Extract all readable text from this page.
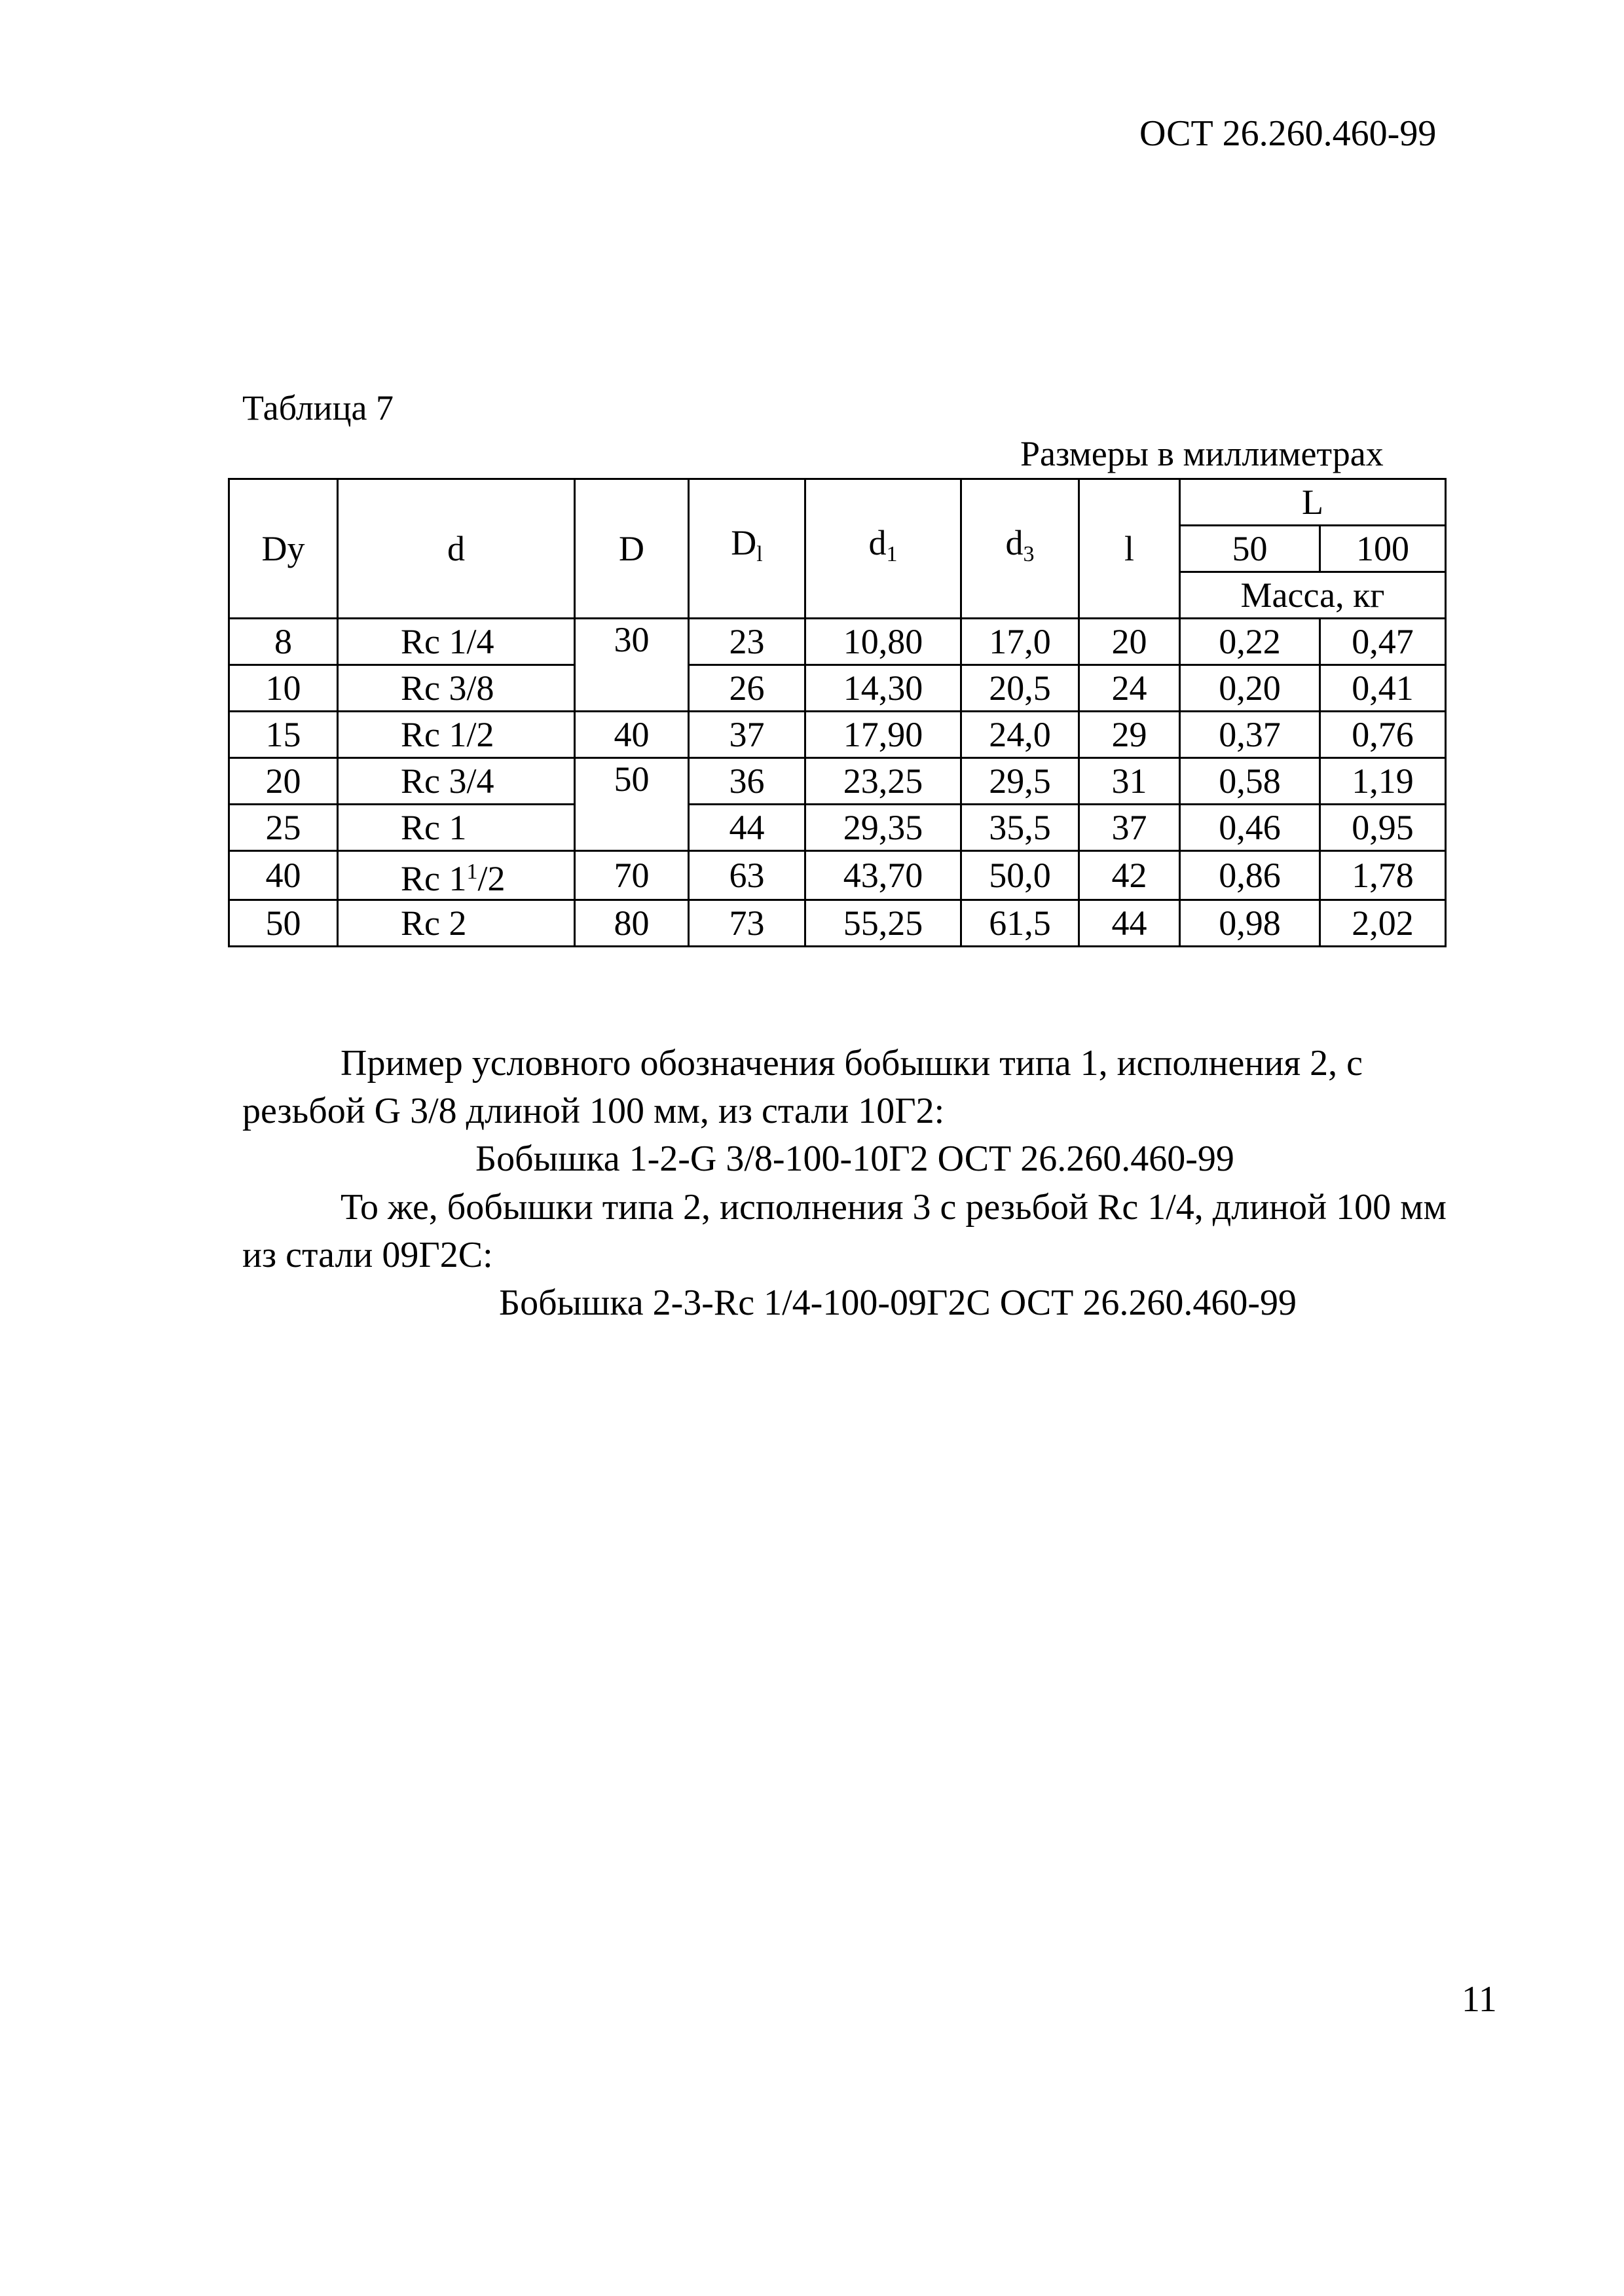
ОСТ 26.260.460-99
Таблица 7
Размеры в миллиметрах
Dy	d	D	$D_l$	$d_1$	$d_3$	l	L	
							50	100
							Масса, кг	
8	Rc 1/4	30	23	10,80	17,0	20	0,22	0,47
10	Rc 3/8		26	14,30	20,5	24	0,20	0,41
15	Rc 1/2	40	37	17,90	24,0	29	0,37	0,76
20	Rc 3/4	50	36	23,25	29,5	31	0,58	1,19
25	Rc 1		44	29,35	35,5	37	0,46	0,95
40	Rc $1^1/2$	70	63	43,70	50,0	42	0,86	1,78
50	Rc 2	80	73	55,25	61,5	44	0,98	2,02
Пример условного обозначения бобышки типа 1, исполнения 2, с
резьбой G 3/8 длиной 100 мм, из стали 10Г2:
Бобышка 1-2-G 3/8-100-10Г2 ОСТ 26.260.460-99
То же, бобышки типа 2, исполнения 3 с резьбой Rc 1/4, длиной 100 мм
из стали 09Г2С:
Бобышка 2-3-Rc 1/4-100-09Г2С ОСТ 26.260.460-99
11
